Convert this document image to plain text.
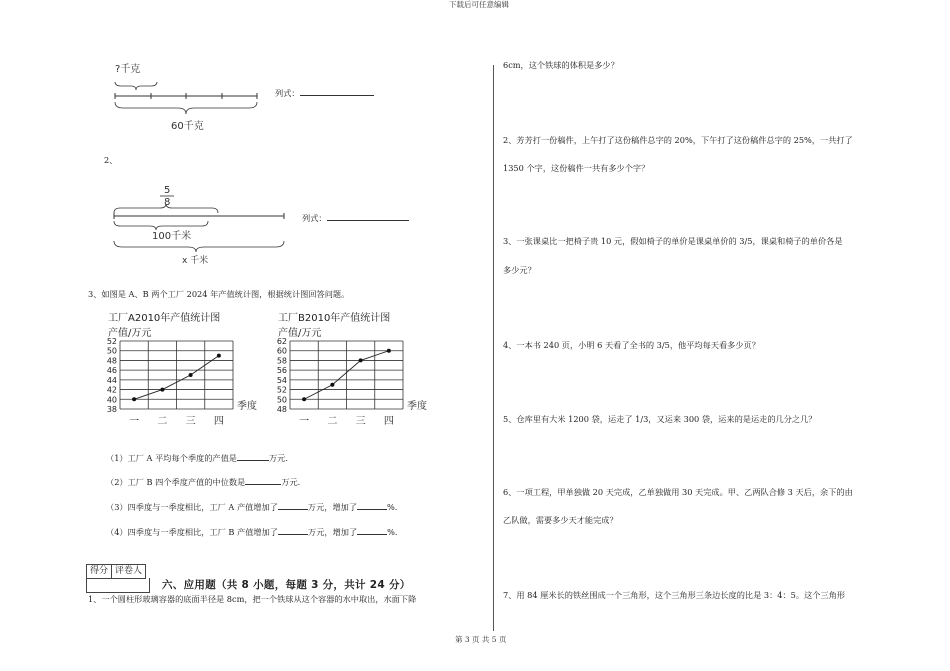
下载后可任意编辑
第 3 页 共 5 页
?千克
60千克
列式：
2、
5
8
100千米
x 千米
列式：
3、如图是 A、B 两个工厂 2024 年产值统计图，根据统计图回答问题。
工厂A2010年产值统计图
产值/万元
38
40
42
44
46
48
50
52
一 二 三 四
季度
工厂B2010年产值统计图
产值/万元
48
50
52
54
56
58
60
62
一 二 三 四
季度
（1）工厂 A 平均每个季度的产值是	万元.
（2）工厂 B 四个季度产值的中位数是	万元.
（3）四季度与一季度相比，工厂 A 产值增加了	万元，增加了	%.
（4）四季度与一季度相比，工厂 B 产值增加了	万元，增加了	%.
得分 评卷人
六、应用题（共 8 小题，每题 3 分，共计 24 分）
1、一个圆柱形玻璃容器的底面半径是 8cm，把一个铁球从这个容器的水中取出，水面下降
6cm，这个铁球的体积是多少？
2、芳芳打一份稿件，上午打了这份稿件总字的 20%，下午打了这份稿件总字的 25%，一共打了
1350 个字，这份稿件一共有多少个字？
3、一张课桌比一把椅子贵 10 元，假如椅子的单价是课桌单价的 3/5，课桌和椅子的单价各是
多少元？
4、一本书 240 页，小明 6 天看了全书的 3/5，他平均每天看多少页？
5、仓库里有大米 1200 袋，运走了 1/3，又运来 300 袋，运来的是运走的几分之几？
6、一项工程，甲单独做 20 天完成，乙单独做用 30 天完成。甲、乙两队合修 3 天后，余下的由
乙队做，需要多少天才能完成？
7、用 84 厘米长的铁丝围成一个三角形，这个三角形三条边长度的比是 3：4：5。这个三角形
